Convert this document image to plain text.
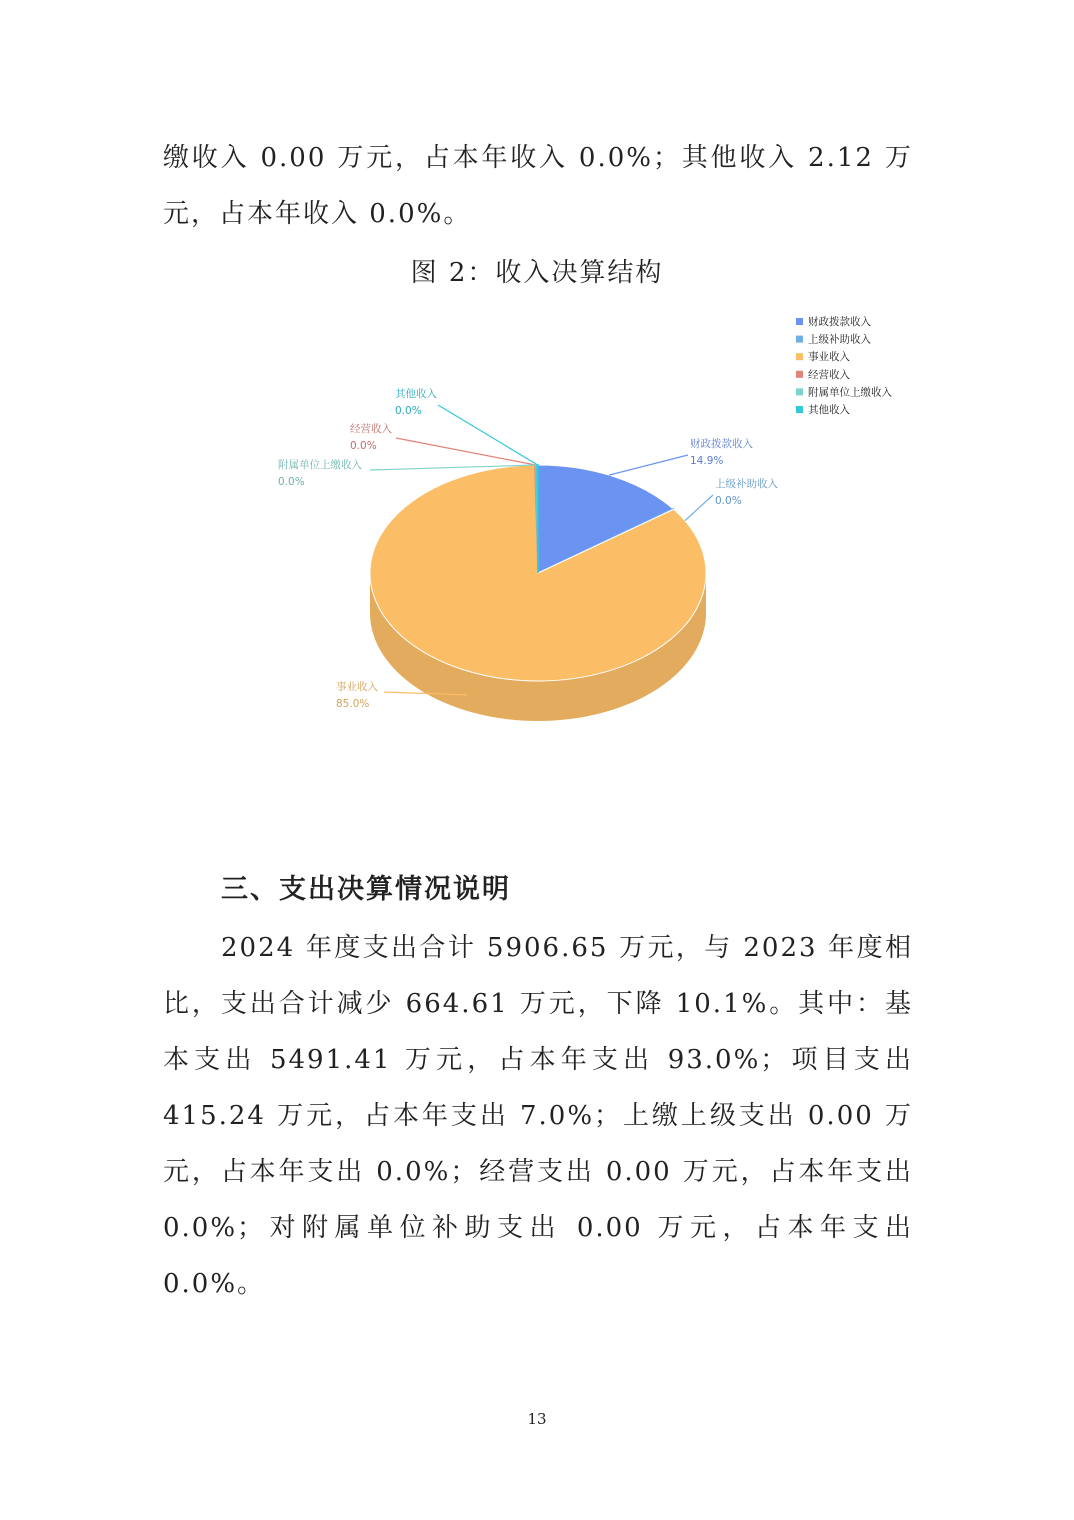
缴收入 0.00 万元，占本年收入 0.0%；其他收入 2.12 万元，占本年收入 0.0%。

图 2：收入决算结构
财政拨款收入
14.9%
上级补助收入
0.0%
事业收入
85.0%
经营收入
0.0%
附属单位上缴收入
0.0%
其他收入
0.0%
财政拨款收入
上级补助收入
事业收入
经营收入
附属单位上缴收入
其他收入
三、支出决算情况说明

2024 年度支出合计 5906.65 万元，与 2023 年度相比，支出合计减少 664.61 万元，下降 10.1%。其中：基本支出 5491.41 万元，占本年支出 93.0%；项目支出 415.24 万元，占本年支出 7.0%；上缴上级支出 0.00 万元，占本年支出 0.0%；经营支出 0.00 万元，占本年支出 0.0%；对附属单位补助支出 0.00 万元，占本年支出 0.0%。

13
